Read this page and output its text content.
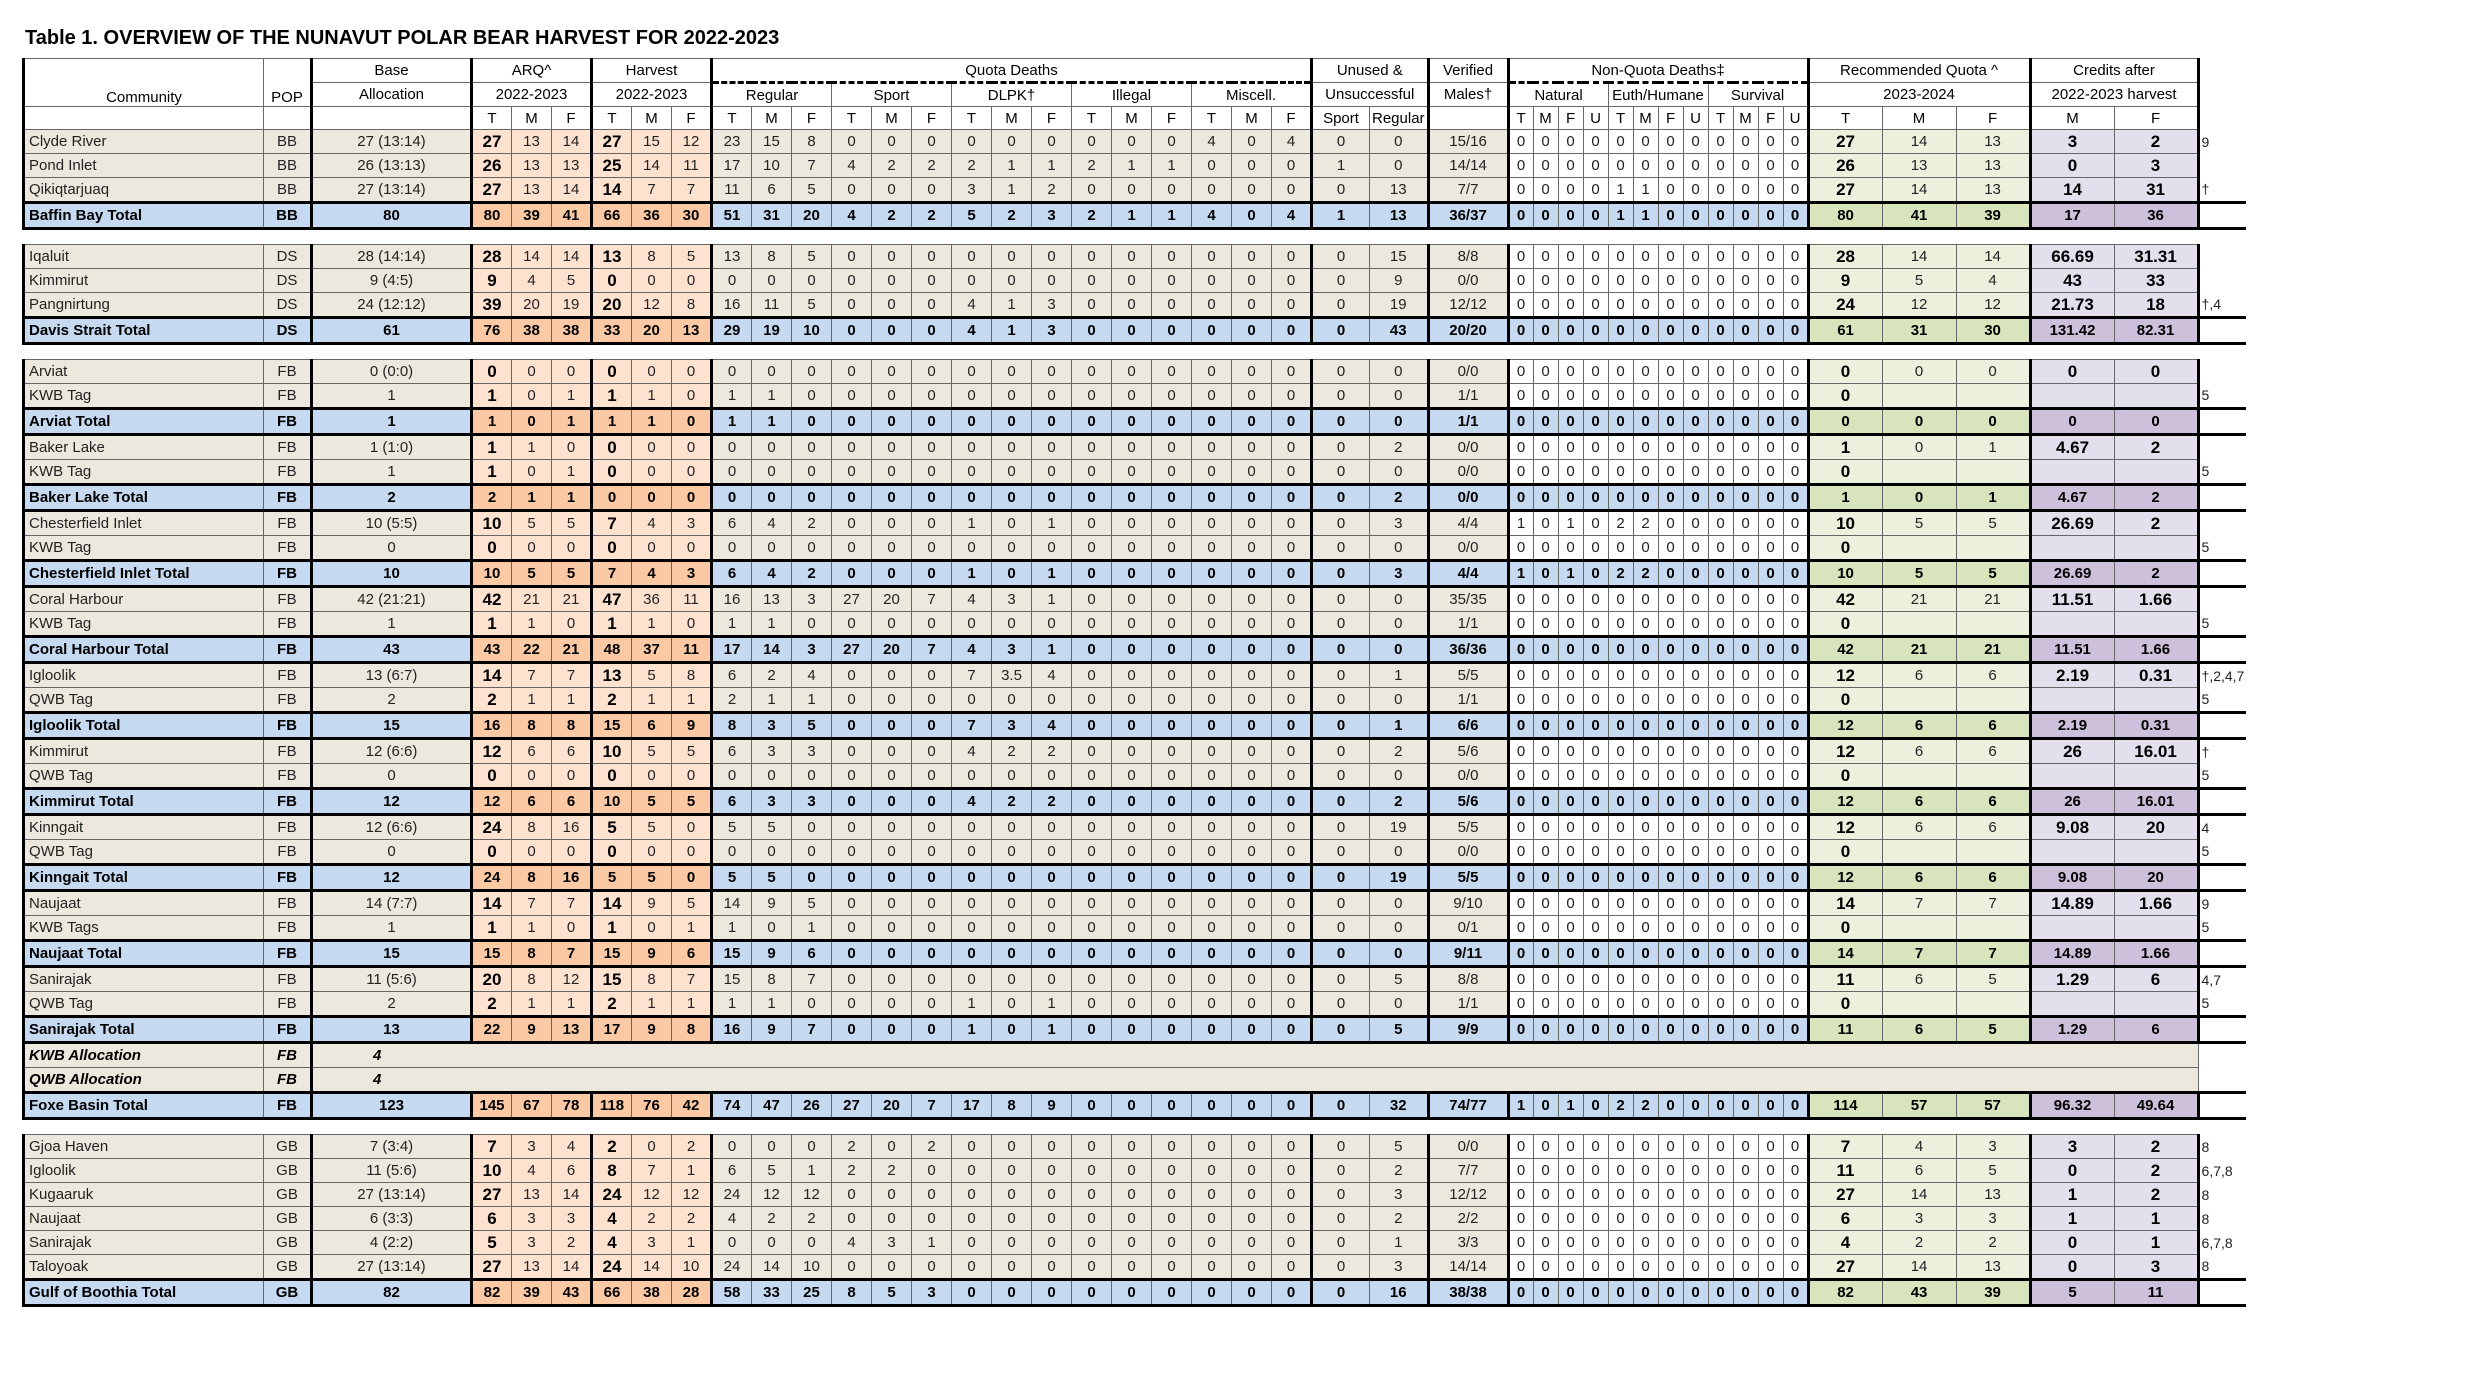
Table 1. OVERVIEW OF THE NUNAVUT POLAR BEAR HARVEST FOR 2022-2023
Community	POP	Base	ARQ^			Harvest			Quota Deaths															Unused &		Verified	Non-Quota Deaths‡												Recommended Quota ^			Credits after		
		Allocation	2022-2023			2022-2023			Regular			Sport			DLPK†			Illegal			Miscell.			Unsuccessful		Males†	Natural				Euth/Humane				Survival				2023-2024			2022-2023 harvest		
			T	M	F	T	M	F	T	M	F	T	M	F	T	M	F	T	M	F	T	M	F	Sport	Regular		T	M	F	U	T	M	F	U	T	M	F	U	T	M	F	M	F	
Clyde River	BB	27 (13:14)	27	13	14	27	15	12	23	15	8	0	0	0	0	0	0	0	0	0	4	0	4	0	0	15/16	0	0	0	0	0	0	0	0	0	0	0	0	27	14	13	3	2	9
Pond Inlet	BB	26 (13:13)	26	13	13	25	14	11	17	10	7	4	2	2	2	1	1	2	1	1	0	0	0	1	0	14/14	0	0	0	0	0	0	0	0	0	0	0	0	26	13	13	0	3	
Qikiqtarjuaq	BB	27 (13:14)	27	13	14	14	7	7	11	6	5	0	0	0	3	1	2	0	0	0	0	0	0	0	13	7/7	0	0	0	0	1	1	0	0	0	0	0	0	27	14	13	14	31	†
Baffin Bay Total	BB	80	80	39	41	66	36	30	51	31	20	4	2	2	5	2	3	2	1	1	4	0	4	1	13	36/37	0	0	0	0	1	1	0	0	0	0	0	0	80	41	39	17	36	

Iqaluit	DS	28 (14:14)	28	14	14	13	8	5	13	8	5	0	0	0	0	0	0	0	0	0	0	0	0	0	15	8/8	0	0	0	0	0	0	0	0	0	0	0	0	28	14	14	66.69	31.31	
Kimmirut	DS	9 (4:5)	9	4	5	0	0	0	0	0	0	0	0	0	0	0	0	0	0	0	0	0	0	0	9	0/0	0	0	0	0	0	0	0	0	0	0	0	0	9	5	4	43	33	
Pangnirtung	DS	24 (12:12)	39	20	19	20	12	8	16	11	5	0	0	0	4	1	3	0	0	0	0	0	0	0	19	12/12	0	0	0	0	0	0	0	0	0	0	0	0	24	12	12	21.73	18	†,4
Davis Strait Total	DS	61	76	38	38	33	20	13	29	19	10	0	0	0	4	1	3	0	0	0	0	0	0	0	43	20/20	0	0	0	0	0	0	0	0	0	0	0	0	61	31	30	131.42	82.31	

Arviat	FB	0 (0:0)	0	0	0	0	0	0	0	0	0	0	0	0	0	0	0	0	0	0	0	0	0	0	0	0/0	0	0	0	0	0	0	0	0	0	0	0	0	0	0	0	0	0	
KWB Tag	FB	1	1	0	1	1	1	0	1	1	0	0	0	0	0	0	0	0	0	0	0	0	0	0	0	1/1	0	0	0	0	0	0	0	0	0	0	0	0	0					5
Arviat Total	FB	1	1	0	1	1	1	0	1	1	0	0	0	0	0	0	0	0	0	0	0	0	0	0	0	1/1	0	0	0	0	0	0	0	0	0	0	0	0	0	0	0	0	0	
Baker Lake	FB	1 (1:0)	1	1	0	0	0	0	0	0	0	0	0	0	0	0	0	0	0	0	0	0	0	0	2	0/0	0	0	0	0	0	0	0	0	0	0	0	0	1	0	1	4.67	2	
KWB Tag	FB	1	1	0	1	0	0	0	0	0	0	0	0	0	0	0	0	0	0	0	0	0	0	0	0	0/0	0	0	0	0	0	0	0	0	0	0	0	0	0					5
Baker Lake Total	FB	2	2	1	1	0	0	0	0	0	0	0	0	0	0	0	0	0	0	0	0	0	0	0	2	0/0	0	0	0	0	0	0	0	0	0	0	0	0	1	0	1	4.67	2	
Chesterfield Inlet	FB	10 (5:5)	10	5	5	7	4	3	6	4	2	0	0	0	1	0	1	0	0	0	0	0	0	0	3	4/4	1	0	1	0	2	2	0	0	0	0	0	0	10	5	5	26.69	2	
KWB Tag	FB	0	0	0	0	0	0	0	0	0	0	0	0	0	0	0	0	0	0	0	0	0	0	0	0	0/0	0	0	0	0	0	0	0	0	0	0	0	0	0					5
Chesterfield Inlet Total	FB	10	10	5	5	7	4	3	6	4	2	0	0	0	1	0	1	0	0	0	0	0	0	0	3	4/4	1	0	1	0	2	2	0	0	0	0	0	0	10	5	5	26.69	2	
Coral Harbour	FB	42 (21:21)	42	21	21	47	36	11	16	13	3	27	20	7	4	3	1	0	0	0	0	0	0	0	0	35/35	0	0	0	0	0	0	0	0	0	0	0	0	42	21	21	11.51	1.66	
KWB Tag	FB	1	1	1	0	1	1	0	1	1	0	0	0	0	0	0	0	0	0	0	0	0	0	0	0	1/1	0	0	0	0	0	0	0	0	0	0	0	0	0					5
Coral Harbour Total	FB	43	43	22	21	48	37	11	17	14	3	27	20	7	4	3	1	0	0	0	0	0	0	0	0	36/36	0	0	0	0	0	0	0	0	0	0	0	0	42	21	21	11.51	1.66	
Igloolik	FB	13 (6:7)	14	7	7	13	5	8	6	2	4	0	0	0	7	3.5	4	0	0	0	0	0	0	0	1	5/5	0	0	0	0	0	0	0	0	0	0	0	0	12	6	6	2.19	0.31	†,2,4,7
QWB Tag	FB	2	2	1	1	2	1	1	2	1	1	0	0	0	0	0	0	0	0	0	0	0	0	0	0	1/1	0	0	0	0	0	0	0	0	0	0	0	0	0					5
Igloolik Total	FB	15	16	8	8	15	6	9	8	3	5	0	0	0	7	3	4	0	0	0	0	0	0	0	1	6/6	0	0	0	0	0	0	0	0	0	0	0	0	12	6	6	2.19	0.31	
Kimmirut	FB	12 (6:6)	12	6	6	10	5	5	6	3	3	0	0	0	4	2	2	0	0	0	0	0	0	0	2	5/6	0	0	0	0	0	0	0	0	0	0	0	0	12	6	6	26	16.01	†
QWB Tag	FB	0	0	0	0	0	0	0	0	0	0	0	0	0	0	0	0	0	0	0	0	0	0	0	0	0/0	0	0	0	0	0	0	0	0	0	0	0	0	0					5
Kimmirut Total	FB	12	12	6	6	10	5	5	6	3	3	0	0	0	4	2	2	0	0	0	0	0	0	0	2	5/6	0	0	0	0	0	0	0	0	0	0	0	0	12	6	6	26	16.01	
Kinngait	FB	12 (6:6)	24	8	16	5	5	0	5	5	0	0	0	0	0	0	0	0	0	0	0	0	0	0	19	5/5	0	0	0	0	0	0	0	0	0	0	0	0	12	6	6	9.08	20	4
QWB Tag	FB	0	0	0	0	0	0	0	0	0	0	0	0	0	0	0	0	0	0	0	0	0	0	0	0	0/0	0	0	0	0	0	0	0	0	0	0	0	0	0					5
Kinngait Total	FB	12	24	8	16	5	5	0	5	5	0	0	0	0	0	0	0	0	0	0	0	0	0	0	19	5/5	0	0	0	0	0	0	0	0	0	0	0	0	12	6	6	9.08	20	
Naujaat	FB	14 (7:7)	14	7	7	14	9	5	14	9	5	0	0	0	0	0	0	0	0	0	0	0	0	0	0	9/10	0	0	0	0	0	0	0	0	0	0	0	0	14	7	7	14.89	1.66	9
KWB Tags	FB	1	1	1	0	1	0	1	1	0	1	0	0	0	0	0	0	0	0	0	0	0	0	0	0	0/1	0	0	0	0	0	0	0	0	0	0	0	0	0					5
Naujaat Total	FB	15	15	8	7	15	9	6	15	9	6	0	0	0	0	0	0	0	0	0	0	0	0	0	0	9/11	0	0	0	0	0	0	0	0	0	0	0	0	14	7	7	14.89	1.66	
Sanirajak	FB	11 (5:6)	20	8	12	15	8	7	15	8	7	0	0	0	0	0	0	0	0	0	0	0	0	0	5	8/8	0	0	0	0	0	0	0	0	0	0	0	0	11	6	5	1.29	6	4,7
QWB Tag	FB	2	2	1	1	2	1	1	1	1	0	0	0	0	1	0	1	0	0	0	0	0	0	0	0	1/1	0	0	0	0	0	0	0	0	0	0	0	0	0					5
Sanirajak Total	FB	13	22	9	13	17	9	8	16	9	7	0	0	0	1	0	1	0	0	0	0	0	0	0	5	9/9	0	0	0	0	0	0	0	0	0	0	0	0	11	6	5	1.29	6	
KWB Allocation	FB	4																																										
QWB Allocation	FB	4																																										
Foxe Basin Total	FB	123	145	67	78	118	76	42	74	47	26	27	20	7	17	8	9	0	0	0	0	0	0	0	32	74/77	1	0	1	0	2	2	0	0	0	0	0	0	114	57	57	96.32	49.64	

Gjoa Haven	GB	7 (3:4)	7	3	4	2	0	2	0	0	0	2	0	2	0	0	0	0	0	0	0	0	0	0	5	0/0	0	0	0	0	0	0	0	0	0	0	0	0	7	4	3	3	2	8
Igloolik	GB	11 (5:6)	10	4	6	8	7	1	6	5	1	2	2	0	0	0	0	0	0	0	0	0	0	0	2	7/7	0	0	0	0	0	0	0	0	0	0	0	0	11	6	5	0	2	6,7,8
Kugaaruk	GB	27 (13:14)	27	13	14	24	12	12	24	12	12	0	0	0	0	0	0	0	0	0	0	0	0	0	3	12/12	0	0	0	0	0	0	0	0	0	0	0	0	27	14	13	1	2	8
Naujaat	GB	6 (3:3)	6	3	3	4	2	2	4	2	2	0	0	0	0	0	0	0	0	0	0	0	0	0	2	2/2	0	0	0	0	0	0	0	0	0	0	0	0	6	3	3	1	1	8
Sanirajak	GB	4 (2:2)	5	3	2	4	3	1	0	0	0	4	3	1	0	0	0	0	0	0	0	0	0	0	1	3/3	0	0	0	0	0	0	0	0	0	0	0	0	4	2	2	0	1	6,7,8
Taloyoak	GB	27 (13:14)	27	13	14	24	14	10	24	14	10	0	0	0	0	0	0	0	0	0	0	0	0	0	3	14/14	0	0	0	0	0	0	0	0	0	0	0	0	27	14	13	0	3	8
Gulf of Boothia Total	GB	82	82	39	43	66	38	28	58	33	25	8	5	3	0	0	0	0	0	0	0	0	0	0	16	38/38	0	0	0	0	0	0	0	0	0	0	0	0	82	43	39	5	11	
